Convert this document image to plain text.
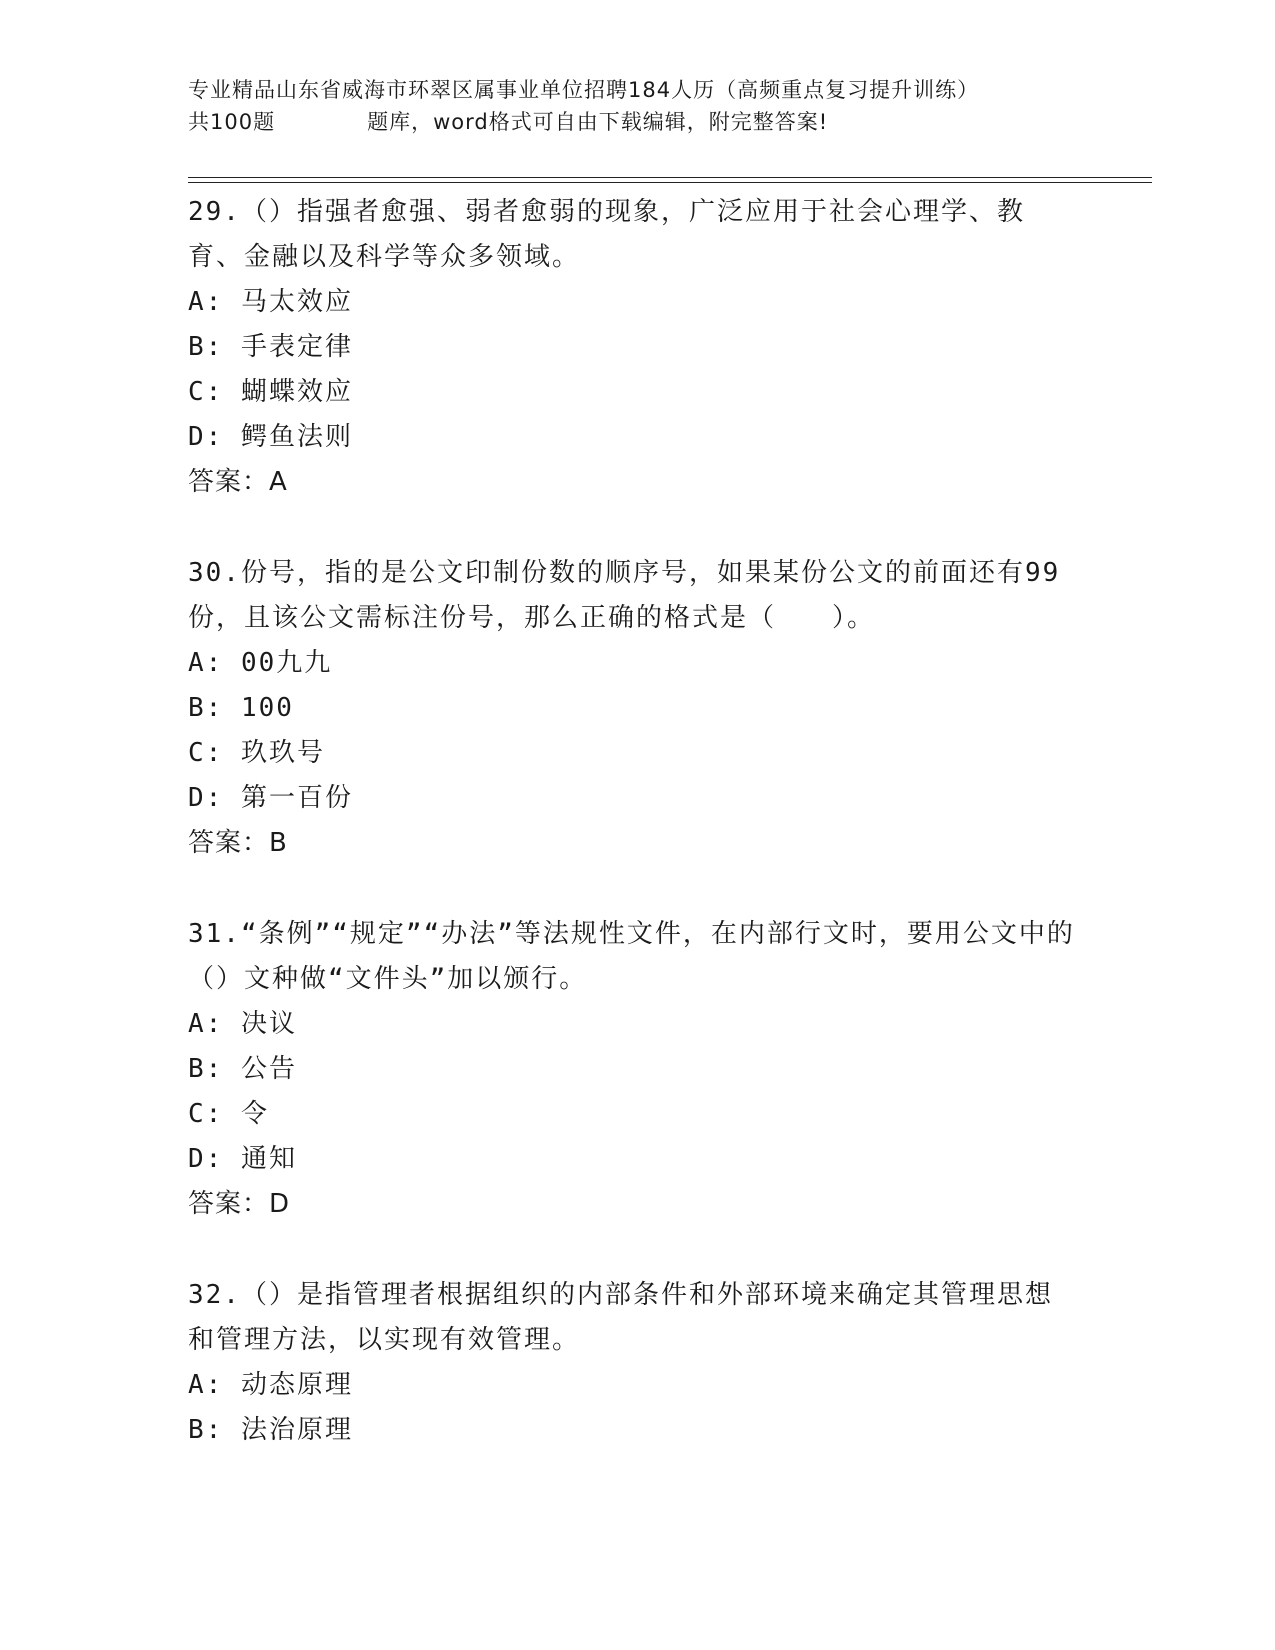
专业精品山东省威海市环翠区属事业单位招聘184人历（高频重点复习提升训练）
共100题	题库，word格式可自由下载编辑，附完整答案!

29.（）指强者愈强、弱者愈弱的现象，广泛应用于社会心理学、教育、金融以及科学等众多领域。

A: 马太效应

B: 手表定律

C: 蝴蝶效应

D: 鳄鱼法则

答案：A

30.份号，指的是公文印制份数的顺序号，如果某份公文的前面还有99份，且该公文需标注份号，那么正确的格式是（　　）。

A: 00九九

B: 100

C: 玖玖号

D: 第一百份

答案：B

31.“条例”“规定”“办法”等法规性文件，在内部行文时，要用公文中的（）文种做“文件头”加以颁行。

A: 决议

B: 公告

C: 令

D: 通知

答案：D

32.（）是指管理者根据组织的内部条件和外部环境来确定其管理思想和管理方法，以实现有效管理。

A: 动态原理

B: 法治原理
